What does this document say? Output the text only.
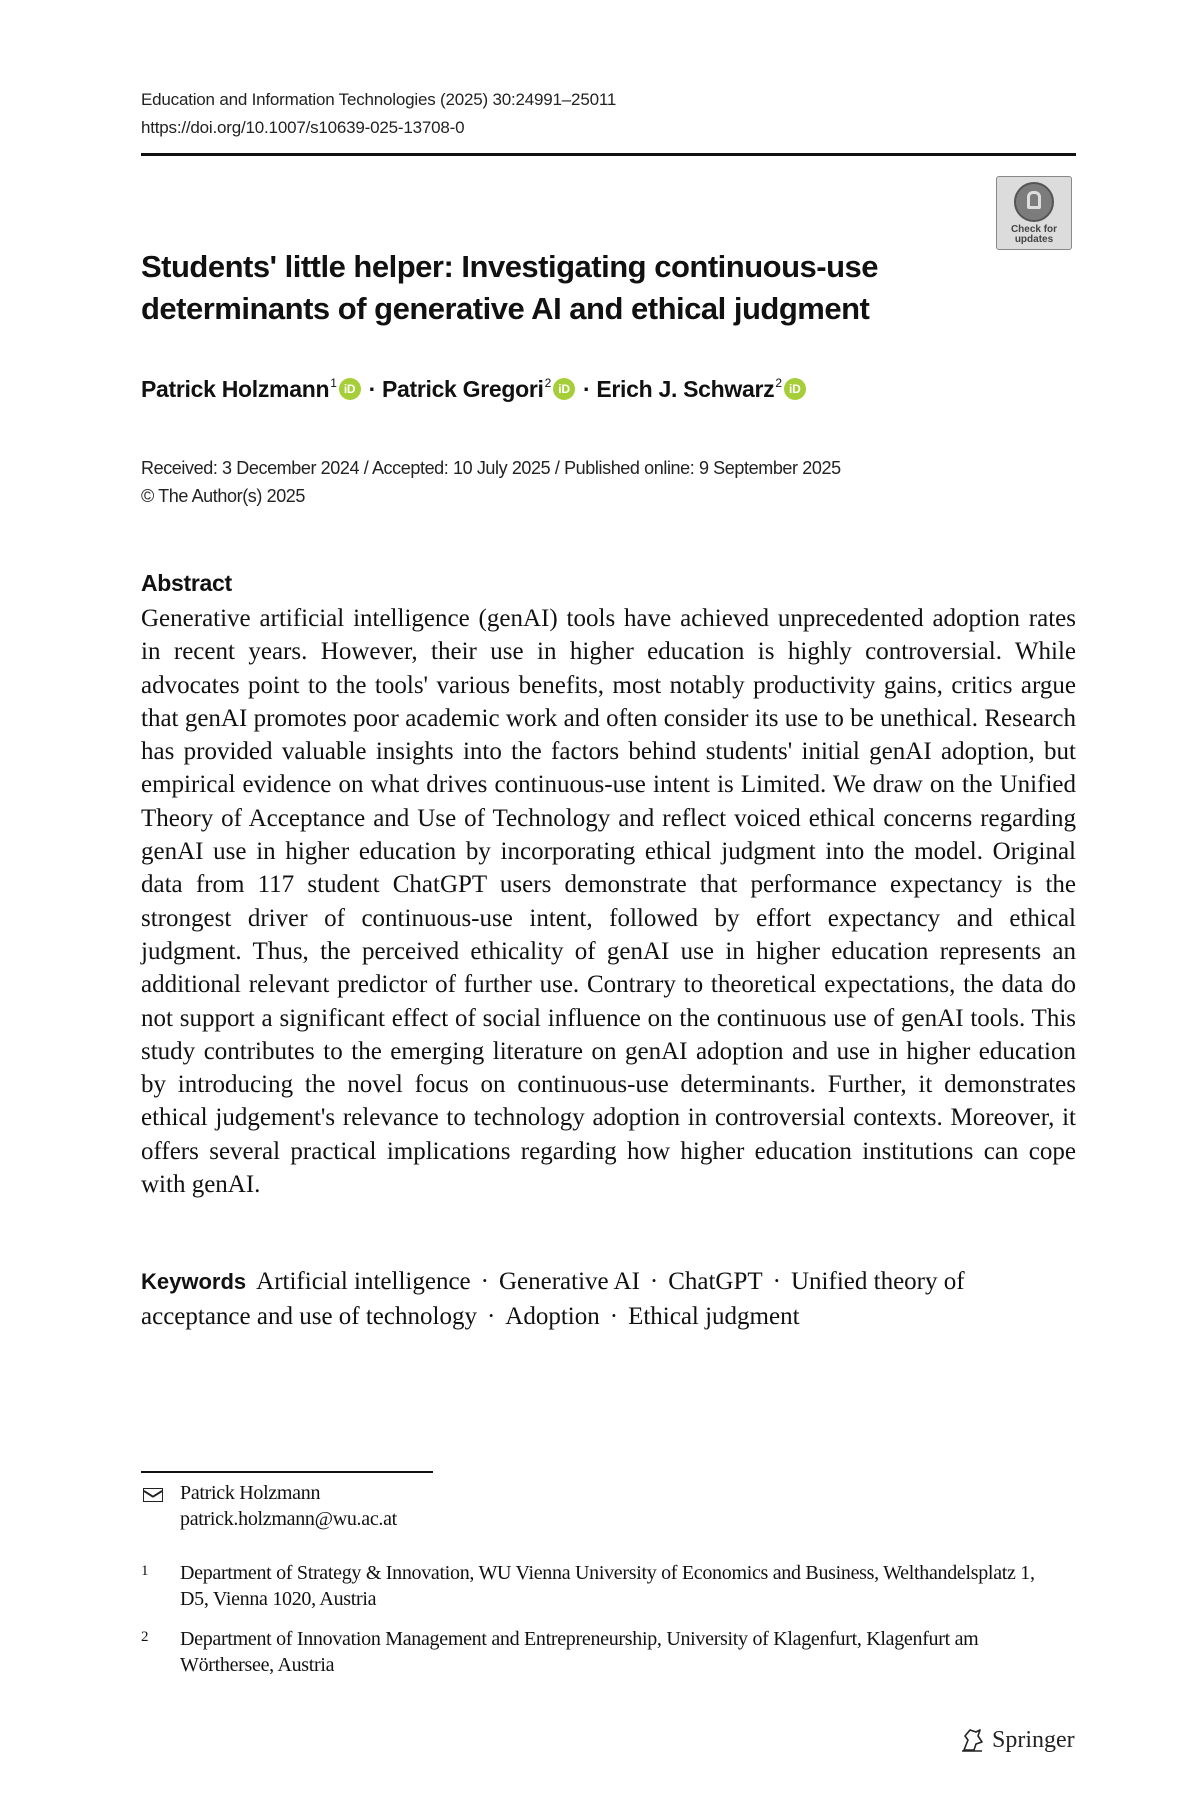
Education and Information Technologies (2025) 30:24991–25011
https://doi.org/10.1007/s10639-025-13708-0
Check for
updates
Students' little helper: Investigating continuous-use determinants of generative AI and ethical judgment
Patrick Holzmann$^1$ iD · Patrick Gregori$^2$ iD · Erich J. Schwarz$^2$ iD
Received: 3 December 2024 / Accepted: 10 July 2025 / Published online: 9 September 2025
© The Author(s) 2025
Abstract
Generative artificial intelligence (genAI) tools have achieved unprecedented adoption rates in recent years. However, their use in higher education is highly controversial. While advocates point to the tools' various benefits, most notably productivity gains, critics argue that genAI promotes poor academic work and often consider its use to be unethical. Research has provided valuable insights into the factors behind students' initial genAI adoption, but empirical evidence on what drives continuous-use intent is Limited. We draw on the Unified Theory of Acceptance and Use of Technology and reflect voiced ethical concerns regarding genAI use in higher education by incorporating ethical judgment into the model. Original data from 117 student ChatGPT users demonstrate that performance expectancy is the strongest driver of continuous-use intent, followed by effort expectancy and ethical judgment. Thus, the perceived ethicality of genAI use in higher education represents an additional relevant predictor of further use. Contrary to theoretical expectations, the data do not support a significant effect of social influence on the continuous use of genAI tools. This study contributes to the emerging literature on genAI adoption and use in higher education by introducing the novel focus on continuous-use determinants. Further, it demonstrates ethical judgement's relevance to technology adoption in controversial contexts. Moreover, it offers several practical implications regarding how higher education institutions can cope with genAI.
Keywords Artificial intelligence · Generative AI · ChatGPT · Unified theory of acceptance and use of technology · Adoption · Ethical judgment
Patrick Holzmann
patrick.holzmann@wu.ac.at
1 Department of Strategy & Innovation, WU Vienna University of Economics and Business, Welthandelsplatz 1, D5, Vienna 1020, Austria
2 Department of Innovation Management and Entrepreneurship, University of Klagenfurt, Klagenfurt am Wörthersee, Austria
Springer
